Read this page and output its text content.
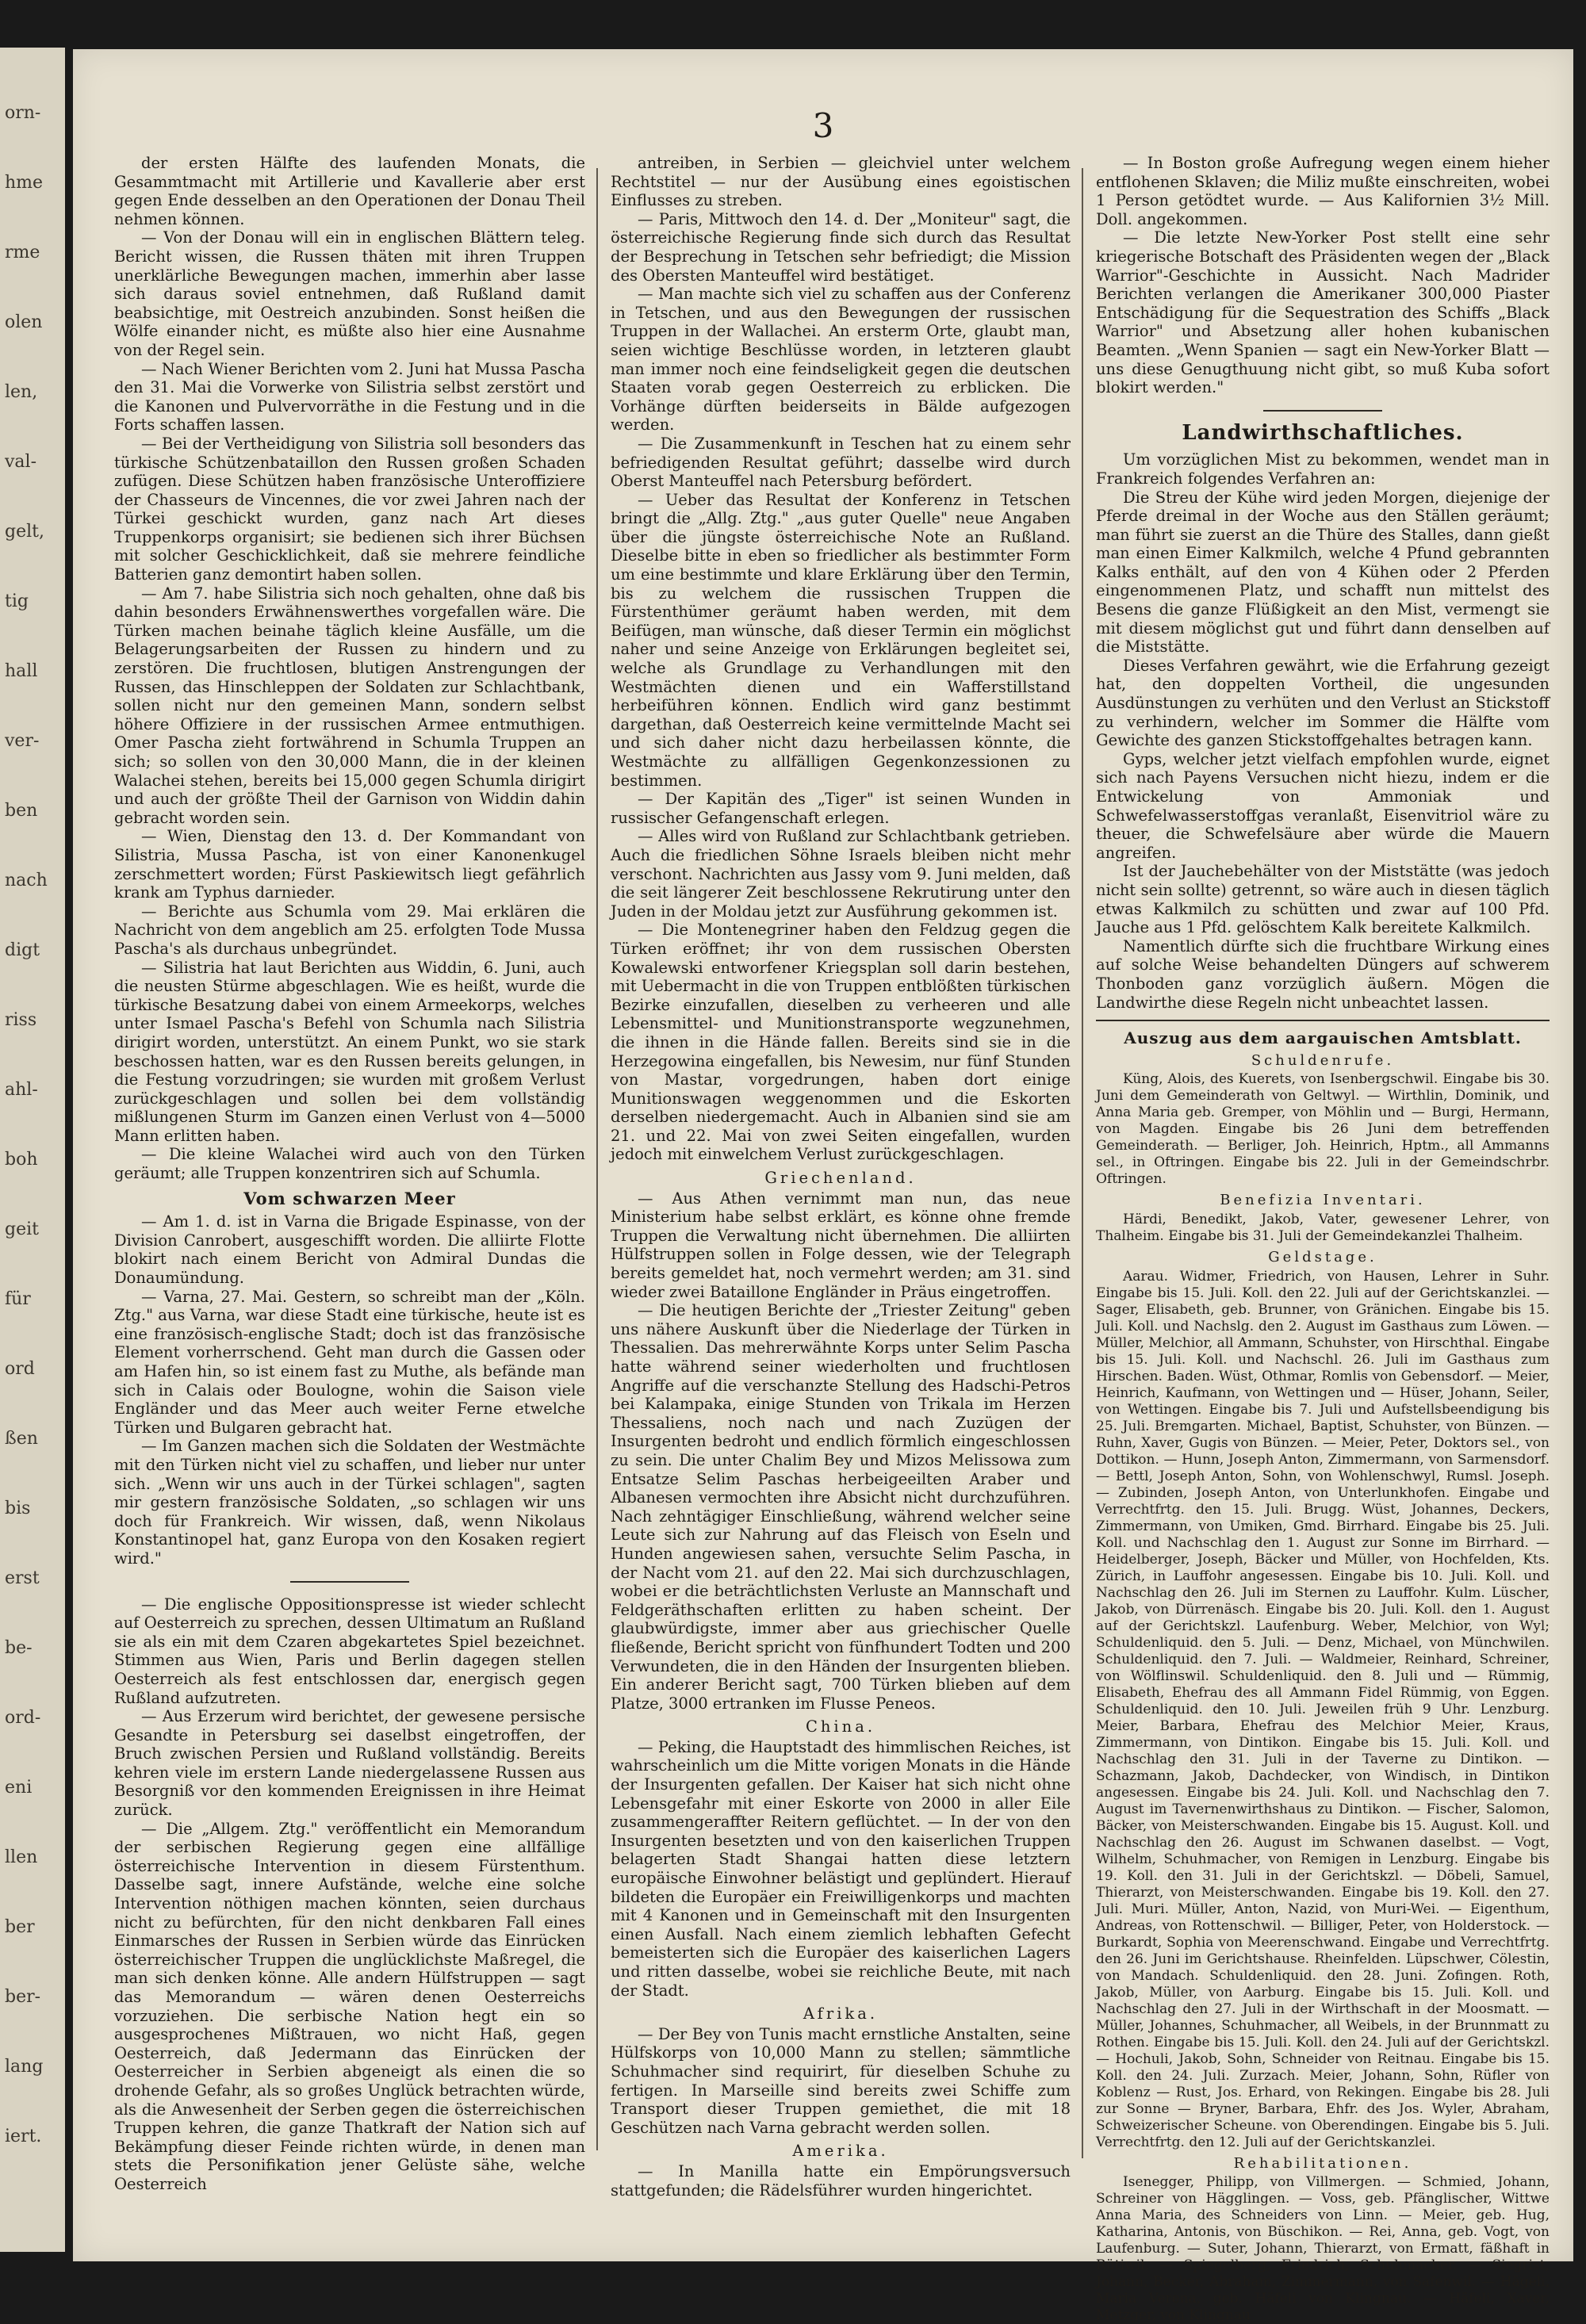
orn-
hme
rme
olen
len,
val-
gelt,
tig
hall
ver-
ben
nach
digt
riss
ahl-
boh
geit
für
ord
ßen
bis
erst
be-
ord-
eni
llen
ber
ber-
lang
iert.
3

der ersten Hälfte des laufenden Monats, die Gesammtmacht mit Artillerie und Kavallerie aber erst gegen Ende desselben an den Operationen der Donau Theil nehmen können.

— Von der Donau will ein in englischen Blättern teleg. Bericht wissen, die Russen thäten mit ihren Truppen unerklärliche Bewegungen machen, immerhin aber lasse sich daraus soviel entnehmen, daß Rußland damit beabsichtige, mit Oestreich anzubinden. Sonst heißen die Wölfe einander nicht, es müßte also hier eine Ausnahme von der Regel sein.

— Nach Wiener Berichten vom 2. Juni hat Mussa Pascha den 31. Mai die Vorwerke von Silistria selbst zerstört und die Kanonen und Pulvervorräthe in die Festung und in die Forts schaffen lassen.

— Bei der Vertheidigung von Silistria soll besonders das türkische Schützenbataillon den Russen großen Schaden zufügen. Diese Schützen haben französische Unteroffiziere der Chasseurs de Vincennes, die vor zwei Jahren nach der Türkei geschickt wurden, ganz nach Art dieses Truppenkorps organisirt; sie bedienen sich ihrer Büchsen mit solcher Geschicklichkeit, daß sie mehrere feindliche Batterien ganz demontirt haben sollen.

— Am 7. habe Silistria sich noch gehalten, ohne daß bis dahin besonders Erwähnenswerthes vorgefallen wäre. Die Türken machen beinahe täglich kleine Ausfälle, um die Belagerungsarbeiten der Russen zu hindern und zu zerstören. Die fruchtlosen, blutigen Anstrengungen der Russen, das Hinschleppen der Soldaten zur Schlachtbank, sollen nicht nur den gemeinen Mann, sondern selbst höhere Offiziere in der russischen Armee entmuthigen. Omer Pascha zieht fortwährend in Schumla Truppen an sich; so sollen von den 30,000 Mann, die in der kleinen Walachei stehen, bereits bei 15,000 gegen Schumla dirigirt und auch der größte Theil der Garnison von Widdin dahin gebracht worden sein.

— Wien, Dienstag den 13. d. Der Kommandant von Silistria, Mussa Pascha, ist von einer Kanonenkugel zerschmettert worden; Fürst Paskiewitsch liegt gefährlich krank am Typhus darnieder.

— Berichte aus Schumla vom 29. Mai erklären die Nachricht von dem angeblich am 25. erfolgten Tode Mussa Pascha's als durchaus unbegründet.

— Silistria hat laut Berichten aus Widdin, 6. Juni, auch die neusten Stürme abgeschlagen. Wie es heißt, wurde die türkische Besatzung dabei von einem Armeekorps, welches unter Ismael Pascha's Befehl von Schumla nach Silistria dirigirt worden, unterstützt. An einem Punkt, wo sie stark beschossen hatten, war es den Russen bereits gelungen, in die Festung vorzudringen; sie wurden mit großem Verlust zurückgeschlagen und sollen bei dem vollständig mißlungenen Sturm im Ganzen einen Verlust von 4—5000 Mann erlitten haben.

— Die kleine Walachei wird auch von den Türken geräumt; alle Truppen konzentriren sich auf Schumla.

Vom schwarzen Meer

— Am 1. d. ist in Varna die Brigade Espinasse, von der Division Canrobert, ausgeschifft worden. Die alliirte Flotte blokirt nach einem Bericht von Admiral Dundas die Donaumündung.

— Varna, 27. Mai. Gestern, so schreibt man der „Köln. Ztg." aus Varna, war diese Stadt eine türkische, heute ist es eine französisch-englische Stadt; doch ist das französische Element vorherrschend. Geht man durch die Gassen oder am Hafen hin, so ist einem fast zu Muthe, als befände man sich in Calais oder Boulogne, wohin die Saison viele Engländer und das Meer auch weiter Ferne etwelche Türken und Bulgaren gebracht hat.

— Im Ganzen machen sich die Soldaten der Westmächte mit den Türken nicht viel zu schaffen, und lieber nur unter sich. „Wenn wir uns auch in der Türkei schlagen", sagten mir gestern französische Soldaten, „so schlagen wir uns doch für Frankreich. Wir wissen, daß, wenn Nikolaus Konstantinopel hat, ganz Europa von den Kosaken regiert wird."

— Die englische Oppositionspresse ist wieder schlecht auf Oesterreich zu sprechen, dessen Ultimatum an Rußland sie als ein mit dem Czaren abgekartetes Spiel bezeichnet. Stimmen aus Wien, Paris und Berlin dagegen stellen Oesterreich als fest entschlossen dar, energisch gegen Rußland aufzutreten.

— Aus Erzerum wird berichtet, der gewesene persische Gesandte in Petersburg sei daselbst eingetroffen, der Bruch zwischen Persien und Rußland vollständig. Bereits kehren viele im erstern Lande niedergelassene Russen aus Besorgniß vor den kommenden Ereignissen in ihre Heimat zurück.

— Die „Allgem. Ztg." veröffentlicht ein Memorandum der serbischen Regierung gegen eine allfällige österreichische Intervention in diesem Fürstenthum. Dasselbe sagt, innere Aufstände, welche eine solche Intervention nöthigen machen könnten, seien durchaus nicht zu befürchten, für den nicht denkbaren Fall eines Einmarsches der Russen in Serbien würde das Einrücken österreichischer Truppen die unglücklichste Maßregel, die man sich denken könne. Alle andern Hülfstruppen — sagt das Memorandum — wären denen Oesterreichs vorzuziehen. Die serbische Nation hegt ein so ausgesprochenes Mißtrauen, wo nicht Haß, gegen Oesterreich, daß Jedermann das Einrücken der Oesterreicher in Serbien abgeneigt als einen die so drohende Gefahr, als so großes Unglück betrachten würde, als die Anwesenheit der Serben gegen die österreichischen Truppen kehren, die ganze Thatkraft der Nation sich auf Bekämpfung dieser Feinde richten würde, in denen man stets die Personifikation jener Gelüste sähe, welche Oesterreich

antreiben, in Serbien — gleichviel unter welchem Rechtstitel — nur der Ausübung eines egoistischen Einflusses zu streben.

— Paris, Mittwoch den 14. d. Der „Moniteur" sagt, die österreichische Regierung finde sich durch das Resultat der Besprechung in Tetschen sehr befriedigt; die Mission des Obersten Manteuffel wird bestätiget.

— Man machte sich viel zu schaffen aus der Conferenz in Tetschen, und aus den Bewegungen der russischen Truppen in der Wallachei. An ersterm Orte, glaubt man, seien wichtige Beschlüsse worden, in letzteren glaubt man immer noch eine feindseligkeit gegen die deutschen Staaten vorab gegen Oesterreich zu erblicken. Die Vorhänge dürften beiderseits in Bälde aufgezogen werden.

— Die Zusammenkunft in Teschen hat zu einem sehr befriedigenden Resultat geführt; dasselbe wird durch Oberst Manteuffel nach Petersburg befördert.

— Ueber das Resultat der Konferenz in Tetschen bringt die „Allg. Ztg." „aus guter Quelle" neue Angaben über die jüngste österreichische Note an Rußland. Dieselbe bitte in eben so friedlicher als bestimmter Form um eine bestimmte und klare Erklärung über den Termin, bis zu welchem die russischen Truppen die Fürstenthümer geräumt haben werden, mit dem Beifügen, man wünsche, daß dieser Termin ein möglichst naher und seine Anzeige von Erklärungen begleitet sei, welche als Grundlage zu Verhandlungen mit den Westmächten dienen und ein Wafferstillstand herbeiführen können. Endlich wird ganz bestimmt dargethan, daß Oesterreich keine vermittelnde Macht sei und sich daher nicht dazu herbeilassen könnte, die Westmächte zu allfälligen Gegenkonzessionen zu bestimmen.

— Der Kapitän des „Tiger" ist seinen Wunden in russischer Gefangenschaft erlegen.

— Alles wird von Rußland zur Schlachtbank getrieben. Auch die friedlichen Söhne Israels bleiben nicht mehr verschont. Nachrichten aus Jassy vom 9. Juni melden, daß die seit längerer Zeit beschlossene Rekrutirung unter den Juden in der Moldau jetzt zur Ausführung gekommen ist.

— Die Montenegriner haben den Feldzug gegen die Türken eröffnet; ihr von dem russischen Obersten Kowalewski entworfener Kriegsplan soll darin bestehen, mit Uebermacht in die von Truppen entblößten türkischen Bezirke einzufallen, dieselben zu verheeren und alle Lebensmittel- und Munitionstransporte wegzunehmen, die ihnen in die Hände fallen. Bereits sind sie in die Herzegowina eingefallen, bis Newesim, nur fünf Stunden von Mastar, vorgedrungen, haben dort einige Munitionswagen weggenommen und die Eskorten derselben niedergemacht. Auch in Albanien sind sie am 21. und 22. Mai von zwei Seiten eingefallen, wurden jedoch mit einwelchem Verlust zurückgeschlagen.

Griechenland.

— Aus Athen vernimmt man nun, das neue Ministerium habe selbst erklärt, es könne ohne fremde Truppen die Verwaltung nicht übernehmen. Die alliirten Hülfstruppen sollen in Folge dessen, wie der Telegraph bereits gemeldet hat, noch vermehrt werden; am 31. sind wieder zwei Bataillone Engländer in Präus eingetroffen.

— Die heutigen Berichte der „Triester Zeitung" geben uns nähere Auskunft über die Niederlage der Türken in Thessalien. Das mehrerwähnte Korps unter Selim Pascha hatte während seiner wiederholten und fruchtlosen Angriffe auf die verschanzte Stellung des Hadschi-Petros bei Kalampaka, einige Stunden von Trikala im Herzen Thessaliens, noch nach und nach Zuzügen der Insurgenten bedroht und endlich förmlich eingeschlossen zu sein. Die unter Chalim Bey und Mizos Melissowa zum Entsatze Selim Paschas herbeigeeilten Araber und Albanesen vermochten ihre Absicht nicht durchzuführen. Nach zehntägiger Einschließung, während welcher seine Leute sich zur Nahrung auf das Fleisch von Eseln und Hunden angewiesen sahen, versuchte Selim Pascha, in der Nacht vom 21. auf den 22. Mai sich durchzuschlagen, wobei er die beträchtlichsten Verluste an Mannschaft und Feldgeräthschaften erlitten zu haben scheint. Der glaubwürdigste, immer aber aus griechischer Quelle fließende, Bericht spricht von fünfhundert Todten und 200 Verwundeten, die in den Händen der Insurgenten blieben. Ein anderer Bericht sagt, 700 Türken blieben auf dem Platze, 3000 ertranken im Flusse Peneos.

China.

— Peking, die Hauptstadt des himmlischen Reiches, ist wahrscheinlich um die Mitte vorigen Monats in die Hände der Insurgenten gefallen. Der Kaiser hat sich nicht ohne Lebensgefahr mit einer Eskorte von 2000 in aller Eile zusammengeraffter Reitern geflüchtet. — In der von den Insurgenten besetzten und von den kaiserlichen Truppen belagerten Stadt Shangai hatten diese letztern europäische Einwohner belästigt und geplündert. Hierauf bildeten die Europäer ein Freiwilligenkorps und machten mit 4 Kanonen und in Gemeinschaft mit den Insurgenten einen Ausfall. Nach einem ziemlich lebhaften Gefecht bemeisterten sich die Europäer des kaiserlichen Lagers und ritten dasselbe, wobei sie reichliche Beute, mit nach der Stadt.

Afrika.

— Der Bey von Tunis macht ernstliche Anstalten, seine Hülfskorps von 10,000 Mann zu stellen; sämmtliche Schuhmacher sind requirirt, für dieselben Schuhe zu fertigen. In Marseille sind bereits zwei Schiffe zum Transport dieser Truppen gemiethet, die mit 18 Geschützen nach Varna gebracht werden sollen.

Amerika.

— In Manilla hatte ein Empörungsversuch stattgefunden; die Rädelsführer wurden hingerichtet.

— In Boston große Aufregung wegen einem hieher entflohenen Sklaven; die Miliz mußte einschreiten, wobei 1 Person getödtet wurde. — Aus Kalifornien 3½ Mill. Doll. angekommen.

— Die letzte New-Yorker Post stellt eine sehr kriegerische Botschaft des Präsidenten wegen der „Black Warrior"-Geschichte in Aussicht. Nach Madrider Berichten verlangen die Amerikaner 300,000 Piaster Entschädigung für die Sequestration des Schiffs „Black Warrior" und Absetzung aller hohen kubanischen Beamten. „Wenn Spanien — sagt ein New-Yorker Blatt — uns diese Genugthuung nicht gibt, so muß Kuba sofort blokirt werden."

Landwirthschaftliches.

Um vorzüglichen Mist zu bekommen, wendet man in Frankreich folgendes Verfahren an:

Die Streu der Kühe wird jeden Morgen, diejenige der Pferde dreimal in der Woche aus den Ställen geräumt; man führt sie zuerst an die Thüre des Stalles, dann gießt man einen Eimer Kalkmilch, welche 4 Pfund gebrannten Kalks enthält, auf den von 4 Kühen oder 2 Pferden eingenommenen Platz, und schafft nun mittelst des Besens die ganze Flüßigkeit an den Mist, vermengt sie mit diesem möglichst gut und führt dann denselben auf die Miststätte.

Dieses Verfahren gewährt, wie die Erfahrung gezeigt hat, den doppelten Vortheil, die ungesunden Ausdünstungen zu verhüten und den Verlust an Stickstoff zu verhindern, welcher im Sommer die Hälfte vom Gewichte des ganzen Stickstoffgehaltes betragen kann.

Gyps, welcher jetzt vielfach empfohlen wurde, eignet sich nach Payens Versuchen nicht hiezu, indem er die Entwickelung von Ammoniak und Schwefelwasserstoffgas veranlaßt, Eisenvitriol wäre zu theuer, die Schwefelsäure aber würde die Mauern angreifen.

Ist der Jauchebehälter von der Miststätte (was jedoch nicht sein sollte) getrennt, so wäre auch in diesen täglich etwas Kalkmilch zu schütten und zwar auf 100 Pfd. Jauche aus 1 Pfd. gelöschtem Kalk bereitete Kalkmilch.

Namentlich dürfte sich die fruchtbare Wirkung eines auf solche Weise behandelten Düngers auf schwerem Thonboden ganz vorzüglich äußern. Mögen die Landwirthe diese Regeln nicht unbeachtet lassen.

Auszug aus dem aargauischen Amtsblatt.
Schuldenrufe.

Küng, Alois, des Kuerets, von Isenbergschwil. Eingabe bis 30. Juni dem Gemeinderath von Geltwyl. — Wirthlin, Dominik, und Anna Maria geb. Gremper, von Möhlin und — Burgi, Hermann, von Magden. Eingabe bis 26 Juni dem betreffenden Gemeinderath. — Berliger, Joh. Heinrich, Hptm., all Ammanns sel., in Oftringen. Eingabe bis 22. Juli in der Gemeindschrbr. Oftringen.

Benefizia Inventari.

Härdi, Benedikt, Jakob, Vater, gewesener Lehrer, von Thalheim. Eingabe bis 31. Juli der Gemeindekanzlei Thalheim.

Geldstage.

Aarau. Widmer, Friedrich, von Hausen, Lehrer in Suhr. Eingabe bis 15. Juli. Koll. den 22. Juli auf der Gerichtskanzlei. — Sager, Elisabeth, geb. Brunner, von Gränichen. Eingabe bis 15. Juli. Koll. und Nachslg. den 2. August im Gasthaus zum Löwen. — Müller, Melchior, all Ammann, Schuhster, von Hirschthal. Eingabe bis 15. Juli. Koll. und Nachschl. 26. Juli im Gasthaus zum Hirschen. Baden. Wüst, Othmar, Romlis von Gebensdorf. — Meier, Heinrich, Kaufmann, von Wettingen und — Hüser, Johann, Seiler, von Wettingen. Eingabe bis 7. Juli und Aufstellsbeendigung bis 25. Juli. Bremgarten. Michael, Baptist, Schuhster, von Bünzen. — Ruhn, Xaver, Gugis von Bünzen. — Meier, Peter, Doktors sel., von Dottikon. — Hunn, Joseph Anton, Zimmermann, von Sarmensdorf. — Bettl, Joseph Anton, Sohn, von Wohlenschwyl, Rumsl. Joseph. — Zubinden, Joseph Anton, von Unterlunkhofen. Eingabe und Verrechtfrtg. den 15. Juli. Brugg. Wüst, Johannes, Deckers, Zimmermann, von Umiken, Gmd. Birrhard. Eingabe bis 25. Juli. Koll. und Nachschlag den 1. August zur Sonne im Birrhard. — Heidelberger, Joseph, Bäcker und Müller, von Hochfelden, Kts. Zürich, in Lauffohr angesessen. Eingabe bis 10. Juli. Koll. und Nachschlag den 26. Juli im Sternen zu Lauffohr. Kulm. Lüscher, Jakob, von Dürrenäsch. Eingabe bis 20. Juli. Koll. den 1. August auf der Gerichtskzl. Laufenburg. Weber, Melchior, von Wyl; Schuldenliquid. den 5. Juli. — Denz, Michael, von Münchwilen. Schuldenliquid. den 7. Juli. — Waldmeier, Reinhard, Schreiner, von Wölflinswil. Schuldenliquid. den 8. Juli und — Rümmig, Elisabeth, Ehefrau des all Ammann Fidel Rümmig, von Eggen. Schuldenliquid. den 10. Juli. Jeweilen früh 9 Uhr. Lenzburg. Meier, Barbara, Ehefrau des Melchior Meier, Kraus, Zimmermann, von Dintikon. Eingabe bis 15. Juli. Koll. und Nachschlag den 31. Juli in der Taverne zu Dintikon. — Schazmann, Jakob, Dachdecker, von Windisch, in Dintikon angesessen. Eingabe bis 24. Juli. Koll. und Nachschlag den 7. August im Tavernenwirthshaus zu Dintikon. — Fischer, Salomon, Bäcker, von Meisterschwanden. Eingabe bis 15. August. Koll. und Nachschlag den 26. August im Schwanen daselbst. — Vogt, Wilhelm, Schuhmacher, von Remigen in Lenzburg. Eingabe bis 19. Koll. den 31. Juli in der Gerichtskzl. — Döbeli, Samuel, Thierarzt, von Meisterschwanden. Eingabe bis 19. Koll. den 27. Juli. Muri. Müller, Anton, Nazid, von Muri-Wei. — Eigenthum, Andreas, von Rottenschwil. — Billiger, Peter, von Holderstock. — Burkardt, Sophia von Meerenschwand. Eingabe und Verrechtfrtg. den 26. Juni im Gerichtshause. Rheinfelden. Lüpschwer, Cölestin, von Mandach. Schuldenliquid. den 28. Juni. Zofingen. Roth, Jakob, Müller, von Aarburg. Eingabe bis 15. Juli. Koll. und Nachschlag den 27. Juli in der Wirthschaft in der Moosmatt. — Müller, Johannes, Schuhmacher, all Weibels, in der Brunnmatt zu Rothen. Eingabe bis 15. Juli. Koll. den 24. Juli auf der Gerichtskzl. — Hochuli, Jakob, Sohn, Schneider von Reitnau. Eingabe bis 15. Koll. den 24. Juli. Zurzach. Meier, Johann, Sohn, Rüfler von Koblenz — Rust, Jos. Erhard, von Rekingen. Eingabe bis 28. Juli zur Sonne — Bryner, Barbara, Ehfr. des Jos. Wyler, Abraham, Schweizerischer Scheune. von Oberendingen. Eingabe bis 5. Juli. Verrechtfrtg. den 12. Juli auf der Gerichtskanzlei.

Rehabilitationen.

Isenegger, Philipp, von Villmergen. — Schmied, Johann, Schreiner von Hägglingen. — Voss, geb. Pfänglischer, Wittwe Anna Maria, des Schneiders von Linn. — Meier, geb. Hug, Katharina, Antonis, von Büschikon. — Rei, Anna, geb. Vogt, von Laufenburg. — Suter, Johann, Thierarzt, von Ermatt, fäßhaft in Rütiwil. — Spiegelberg, Friedrich, Schuhmacher. — Siegrist, Johann, Becker, Abraham, Zimmermann, von Safenwil. — Hägeli, Maria Verena, geb. Häfeli von Klingnau. — Häfeli, Xaver, Metzger, von Klingnau
